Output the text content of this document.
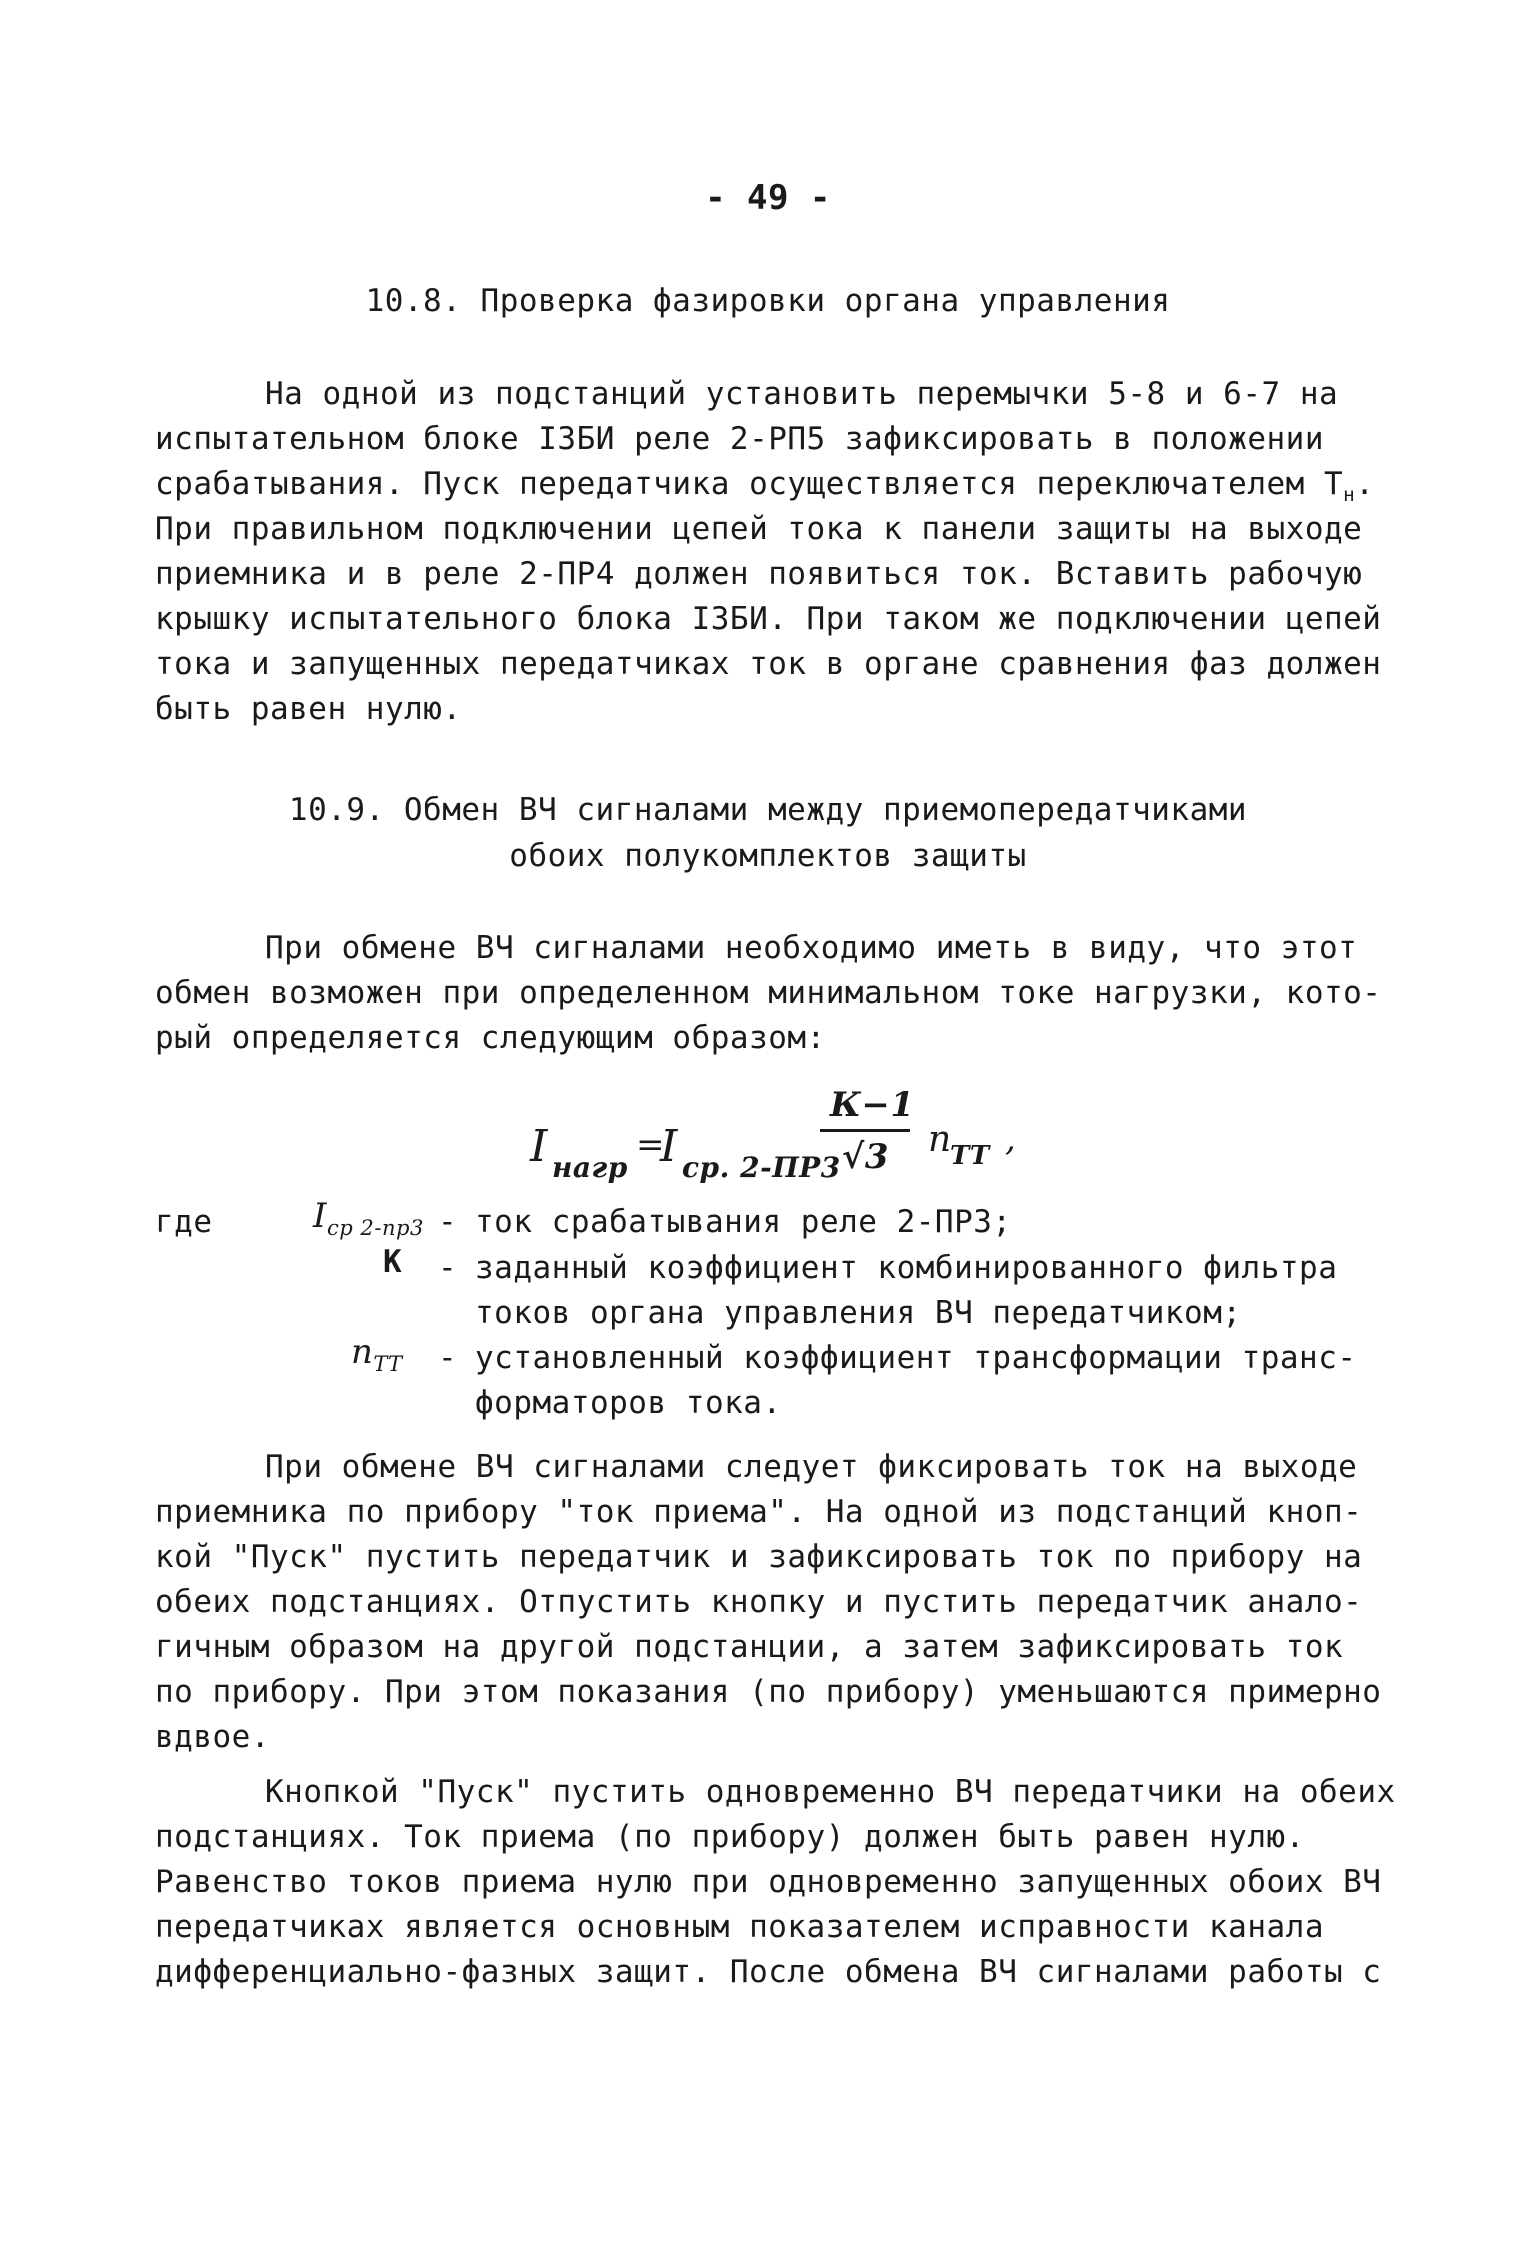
- 49 -
10.8. Проверка фазировки органа управления
На одной из подстанций установить перемычки 5-8 и 6-7 на
испытательном блоке I3БИ реле 2-РП5 зафиксировать в положении
срабатывания. Пуск передатчика осуществляется переключателем $Т_н$.
При правильном подключении цепей тока к панели защиты на выходе
приемника и в реле 2-ПР4 должен появиться ток. Вставить рабочую
крышку испытательного блока I3БИ. При таком же подключении цепей
тока и запущенных передатчиках ток в органе сравнения фаз должен
быть равен нулю.
10.9. Обмен ВЧ сигналами между приемопередатчиками
обоих полукомплектов защиты
При обмене ВЧ сигналами необходимо иметь в виду, что этот
обмен возможен при определенном минимальном токе нагрузки, кото-
рый определяется следующим образом:
I нагр
=
I ср. 2-ПР3
К−1
√3 n
ТТ ,
где	$I_{ср 2-пр3}$ - ток срабатывания реле 2-ПР3;
К - заданный коэффициент комбинированного фильтра
токов органа управления ВЧ передатчиком;
$n_{ТТ}$ - установленный коэффициент трансформации транс-
форматоров тока.
При обмене ВЧ сигналами следует фиксировать ток на выходе
приемника по прибору "ток приема". На одной из подстанций кноп-
кой "Пуск" пустить передатчик и зафиксировать ток по прибору на
обеих подстанциях. Отпустить кнопку и пустить передатчик анало-
гичным образом на другой подстанции, а затем зафиксировать ток
по прибору. При этом показания (по прибору) уменьшаются примерно
вдвое.
Кнопкой "Пуск" пустить одновременно ВЧ передатчики на обеих
подстанциях. Ток приема (по прибору) должен быть равен нулю.
Равенство токов приема нулю при одновременно запущенных обоих ВЧ
передатчиках является основным показателем исправности канала
дифференциально-фазных защит. После обмена ВЧ сигналами работы с
